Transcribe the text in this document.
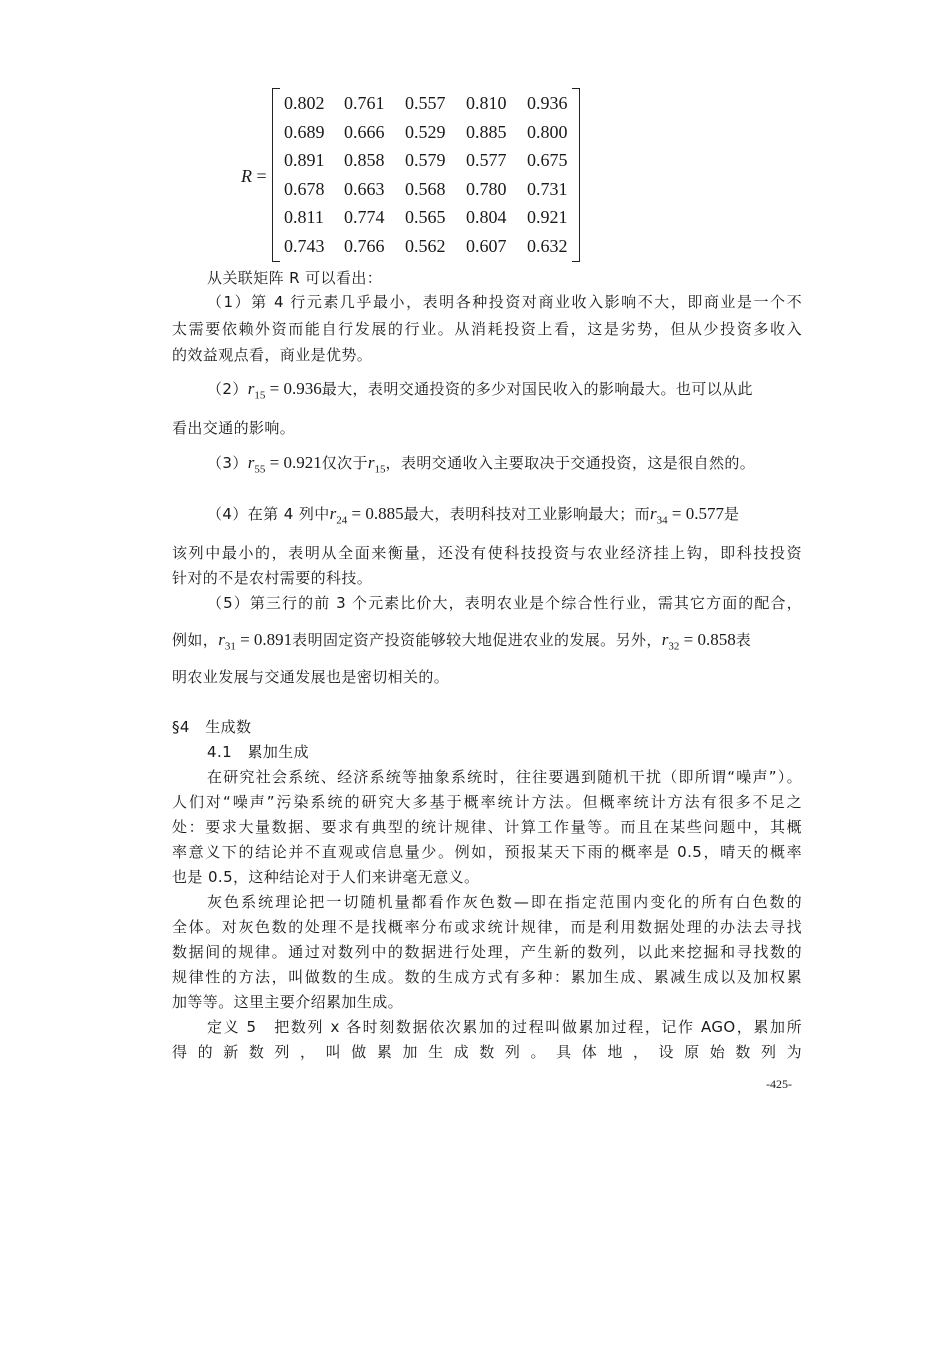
R =
0.802 0.761 0.557 0.810 0.936
0.689 0.666 0.529 0.885 0.800
0.891 0.858 0.579 0.577 0.675
0.678 0.663 0.568 0.780 0.731
0.811 0.774 0.565 0.804 0.921
0.743 0.766 0.562 0.607 0.632
从关联矩阵 R 可以看出：
（1）第 4 行元素几乎最小，表明各种投资对商业收入影响不大，即商业是一个不
太需要依赖外资而能自行发展的行业。从消耗投资上看，这是劣势，但从少投资多收入
的效益观点看，商业是优势。
$(2)r_{15} = 0.936$最大，表明交通投资的多少对国民收入的影响最大。也可以从此
看出交通的影响。
$(3)r_{55} = 0.921$仅次于$r_{15}$，表明交通收入主要取决于交通投资，这是很自然的。
（4）在第 4 列中$r_{24} = 0.885$最大，表明科技对工业影响最大；而$r_{34} = 0.577$是
该列中最小的，表明从全面来衡量，还没有使科技投资与农业经济挂上钩，即科技投资
针对的不是农村需要的科技。
（5）第三行的前 3 个元素比价大，表明农业是个综合性行业，需其它方面的配合，
例如，$r_{31} = 0.891$表明固定资产投资能够较大地促进农业的发展。另外，$r_{32} = 0.858$表
明农业发展与交通发展也是密切相关的。
§4　生成数
4.1　累加生成
在研究社会系统、经济系统等抽象系统时，往往要遇到随机干扰（即所谓“噪声”）。
人们对“噪声”污染系统的研究大多基于概率统计方法。但概率统计方法有很多不足之
处：要求大量数据、要求有典型的统计规律、计算工作量等。而且在某些问题中，其概
率意义下的结论并不直观或信息量少。例如，预报某天下雨的概率是 0.5，晴天的概率
也是 0.5，这种结论对于人们来讲毫无意义。
灰色系统理论把一切随机量都看作灰色数—即在指定范围内变化的所有白色数的
全体。对灰色数的处理不是找概率分布或求统计规律，而是利用数据处理的办法去寻找
数据间的规律。通过对数列中的数据进行处理，产生新的数列，以此来挖掘和寻找数的
规律性的方法，叫做数的生成。数的生成方式有多种：累加生成、累减生成以及加权累
加等等。这里主要介绍累加生成。
定义 5　把数列 x 各时刻数据依次累加的过程叫做累加过程，记作 AGO，累加所
得的新数列，叫做累加生成数列。具体地，设原始数列为
-425-
